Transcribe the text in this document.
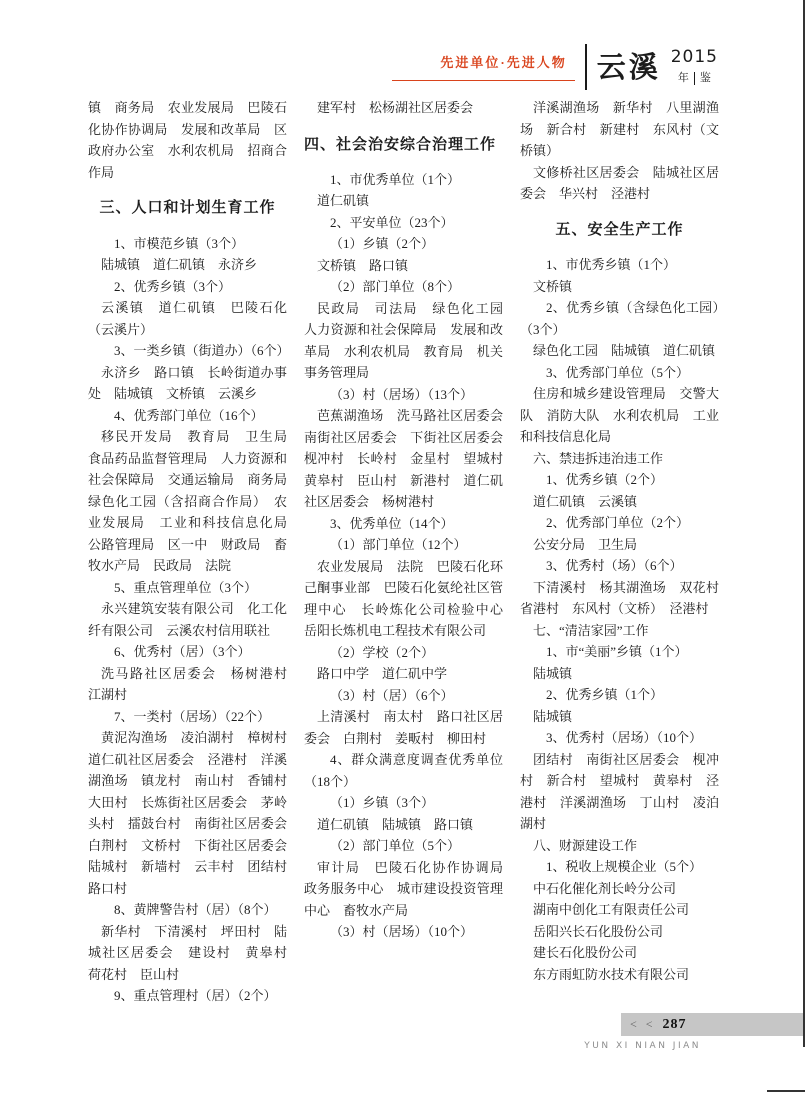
先进单位·先进人物 云溪 2015
年	鉴

镇　商务局　农业发展局　巴陵石化协作协调局　发展和改革局　区政府办公室　水利农机局　招商合作局

三、人口和计划生育工作

1、市模范乡镇（3个）

陆城镇　道仁矶镇　永济乡

2、优秀乡镇（3个）

云溪镇　道仁矶镇　巴陵石化（云溪片）

3、一类乡镇（街道办）（6个）

永济乡　路口镇　长岭街道办事处　陆城镇　文桥镇　云溪乡

4、优秀部门单位（16个）

移民开发局　教育局　卫生局　食品药品监督管理局　人力资源和社会保障局　交通运输局　商务局　绿色化工园（含招商合作局）　农业发展局　工业和科技信息化局　公路管理局　区一中　财政局　畜牧水产局　民政局　法院

5、重点管理单位（3个）

永兴建筑安装有限公司　化工化纤有限公司　云溪农村信用联社

6、优秀村（居）（3个）

洗马路社区居委会　杨树港村　江湖村

7、一类村（居场）（22个）

黄泥沟渔场　凌泊湖村　樟树村　道仁矶社区居委会　泾港村　洋溪湖渔场　镇龙村　南山村　香铺村　大田村　长炼街社区居委会　茅岭头村　擂鼓台村　南街社区居委会　白荆村　文桥村　下街社区居委会　陆城村　新墙村　云丰村　团结村　路口村

8、黄牌警告村（居）（8个）

新华村　下清溪村　坪田村　陆城社区居委会　建设村　黄皋村　荷花村　臣山村

9、重点管理村（居）（2个）

建军村　松杨湖社区居委会

四、社会治安综合治理工作

1、市优秀单位（1个）

道仁矶镇

2、平安单位（23个）

（1）乡镇（2个）

文桥镇　路口镇

（2）部门单位（8个）

民政局　司法局　绿色化工园　人力资源和社会保障局　发展和改革局　水利农机局　教育局　机关事务管理局

（3）村（居场）（13个）

芭蕉湖渔场　洗马路社区居委会　南街社区居委会　下街社区居委会　枧冲村　长岭村　金星村　望城村　黄皋村　臣山村　新港村　道仁矶社区居委会　杨树港村

3、优秀单位（14个）

（1）部门单位（12个）

农业发展局　法院　巴陵石化环己酮事业部　巴陵石化氨纶社区管理中心　长岭炼化公司检验中心　岳阳长炼机电工程技术有限公司

（2）学校（2个）

路口中学　道仁矶中学

（3）村（居）（6个）

上清溪村　南太村　路口社区居委会　白荆村　姜畈村　柳田村

4、群众满意度调查优秀单位（18个）

（1）乡镇（3个）

道仁矶镇　陆城镇　路口镇

（2）部门单位（5个）

审计局　巴陵石化协作协调局　政务服务中心　城市建设投资管理中心　畜牧水产局

（3）村（居场）（10个）

洋溪湖渔场　新华村　八里湖渔场　新合村　新建村　东风村（文桥镇）

文修桥社区居委会　陆城社区居委会　华兴村　泾港村

五、安全生产工作

1、市优秀乡镇（1个）

文桥镇

2、优秀乡镇（含绿色化工园）（3个）

绿色化工园　陆城镇　道仁矶镇

3、优秀部门单位（5个）

住房和城乡建设管理局　交警大队　消防大队　水利农机局　工业和科技信息化局

六、禁违拆违治违工作

1、优秀乡镇（2个）

道仁矶镇　云溪镇

2、优秀部门单位（2个）

公安分局　卫生局

3、优秀村（场）（6个）

下清溪村　杨其湖渔场　双花村　省港村　东风村（文桥）　泾港村

七、“清洁家园”工作

1、市“美丽”乡镇（1个）

陆城镇

2、优秀乡镇（1个）

陆城镇

3、优秀村（居场）（10个）

团结村　南街社区居委会　枧冲村　新合村　望城村　黄皋村　泾港村　洋溪湖渔场　丁山村　凌泊湖村

八、财源建设工作

1、税收上规模企业（5个）

中石化催化剂长岭分公司

湖南中创化工有限责任公司

岳阳兴长石化股份公司

建长石化股份公司

东方雨虹防水技术有限公司

< < 287
YUN XI NIAN JIAN
